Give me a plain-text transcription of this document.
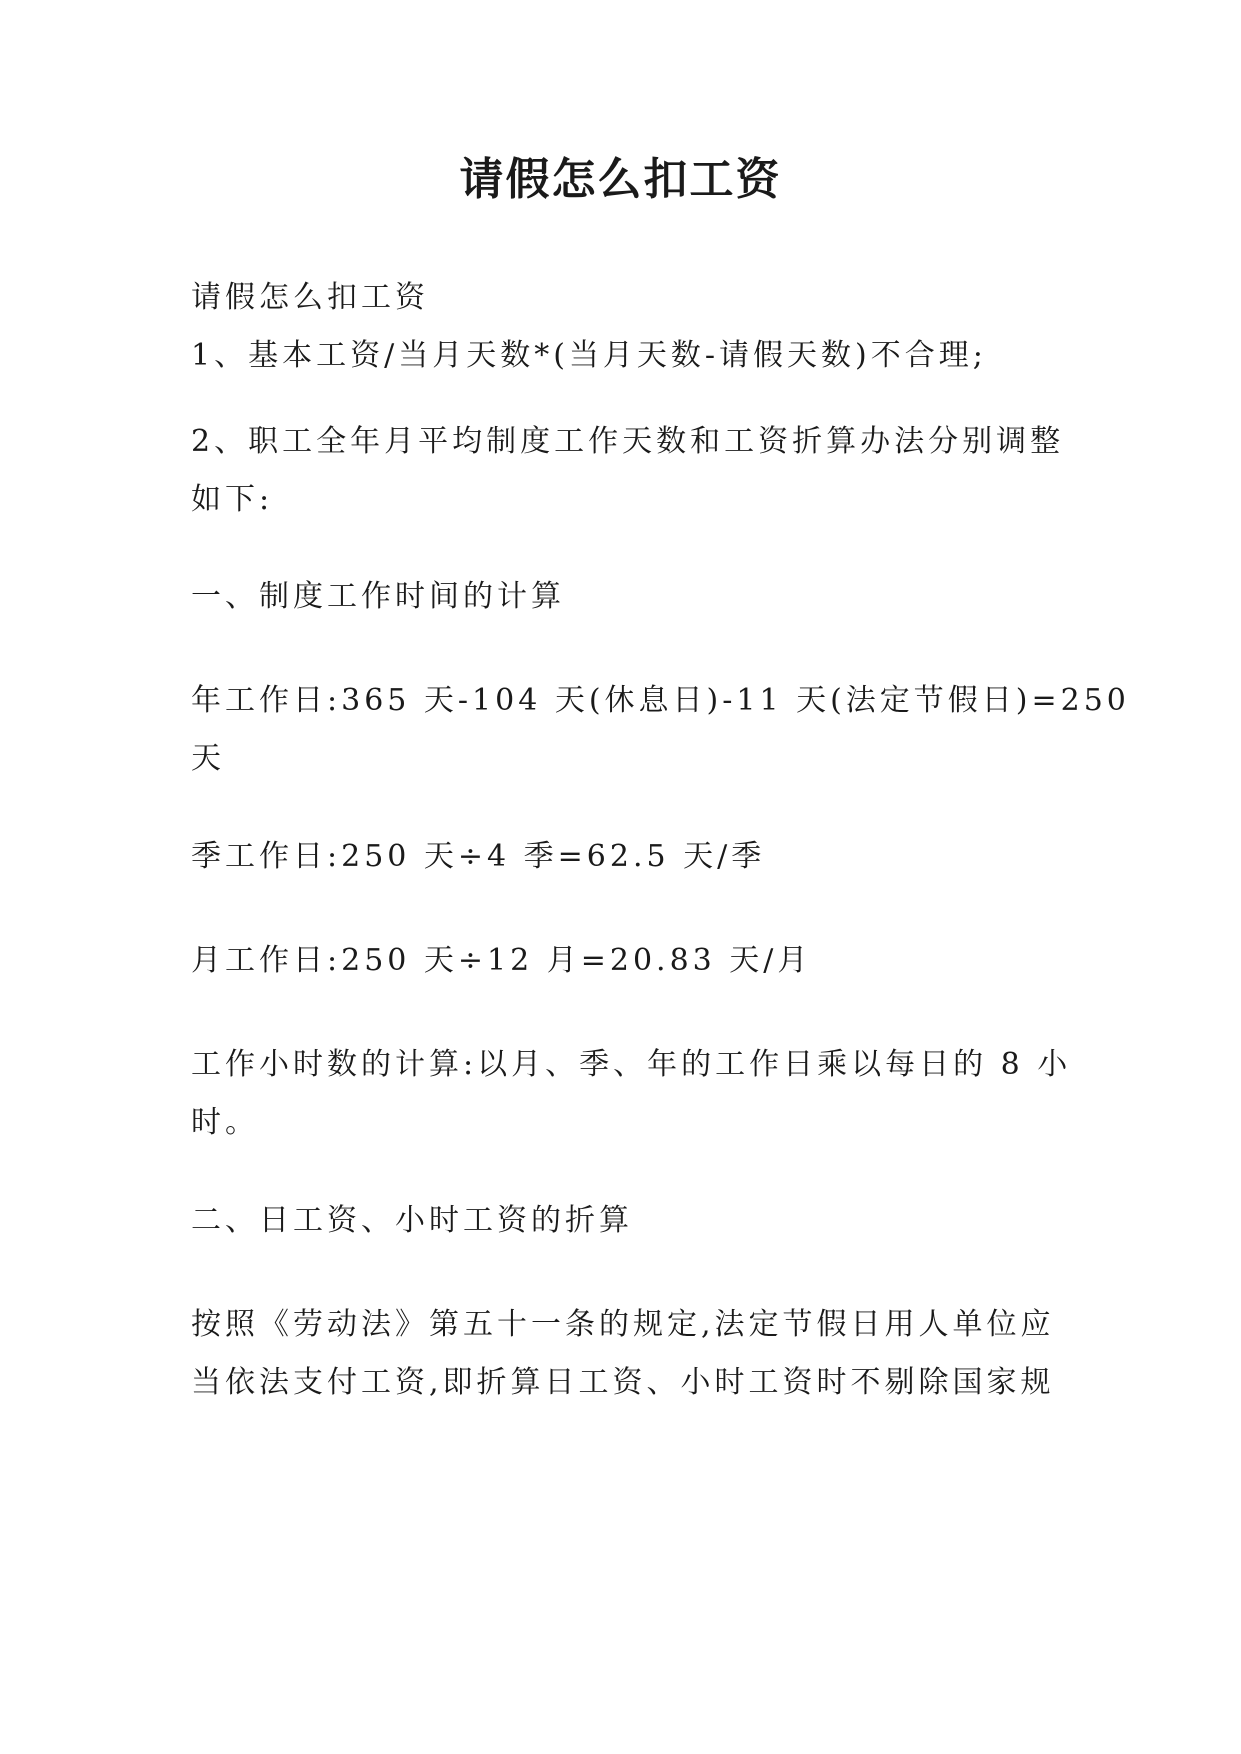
请假怎么扣工资
请假怎么扣工资
1、基本工资/当月天数*(当月天数-请假天数)不合理;
2、职工全年月平均制度工作天数和工资折算办法分别调整
如下:
一、制度工作时间的计算
年工作日:365 天-104 天(休息日)-11 天(法定节假日)=250
天
季工作日:250 天÷4 季=62.5 天/季
月工作日:250 天÷12 月=20.83 天/月
工作小时数的计算:以月、季、年的工作日乘以每日的 8 小
时。
二、日工资、小时工资的折算
按照《劳动法》第五十一条的规定,法定节假日用人单位应
当依法支付工资,即折算日工资、小时工资时不剔除国家规
